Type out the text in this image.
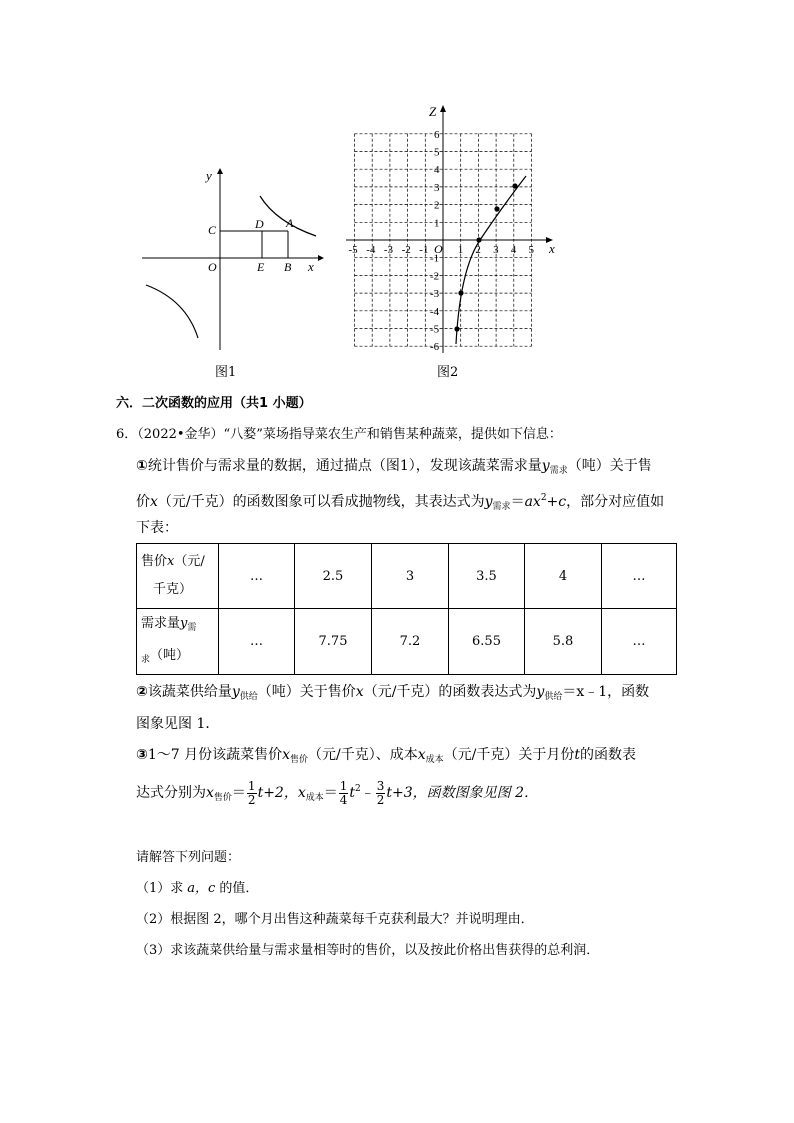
y
x
O
C	D A
E B
图1
-5 -4 -3 -2 -1	1 2 3 4 5
6
5
4
3
2
1
-1
-2
-3
-4
-5
-6
x
Z
O
图2
六．二次函数的应用（共1 小题）
6．（2022•金华）“八婺”菜场指导菜农生产和销售某种蔬菜，提供如下信息：
①统计售价与需求量的数据，通过描点（图1），发现该蔬菜需求量$y_{需求}$（吨）关于售
价x（元/千克）的函数图象可以看成抛物线，其表达式为$y_{需求}=ax^2+c$，部分对应值如
下表：
售价x（元/
千克）	…	2.5	3	3.5	4	…
需求量$y_需$
$_求$（吨）	…	7.75	7.2	6.55	5.8	…
②该蔬菜供给量$y_{供给}$（吨）关于售价x（元/千克）的函数表达式为$y_{供给}=x﹣1$，函数
图象见图 1．
③1～7 月份该蔬菜售价$x_{售价}$（元/千克）、成本$x_{成本}$（元/千克）关于月份t的函数表
达式分别为$x_{售价}= \frac{1}{2} t+2$，$x_{成本}= \frac{1}{4}$ $t^2﹣ \frac{3}{2} t+3$，函数图象见图 2．
请解答下列问题：
（1）求 a，c 的值．
（2）根据图 2，哪个月出售这种蔬菜每千克获利最大？并说明理由．
（3）求该蔬菜供给量与需求量相等时的售价，以及按此价格出售获得的总利润．
